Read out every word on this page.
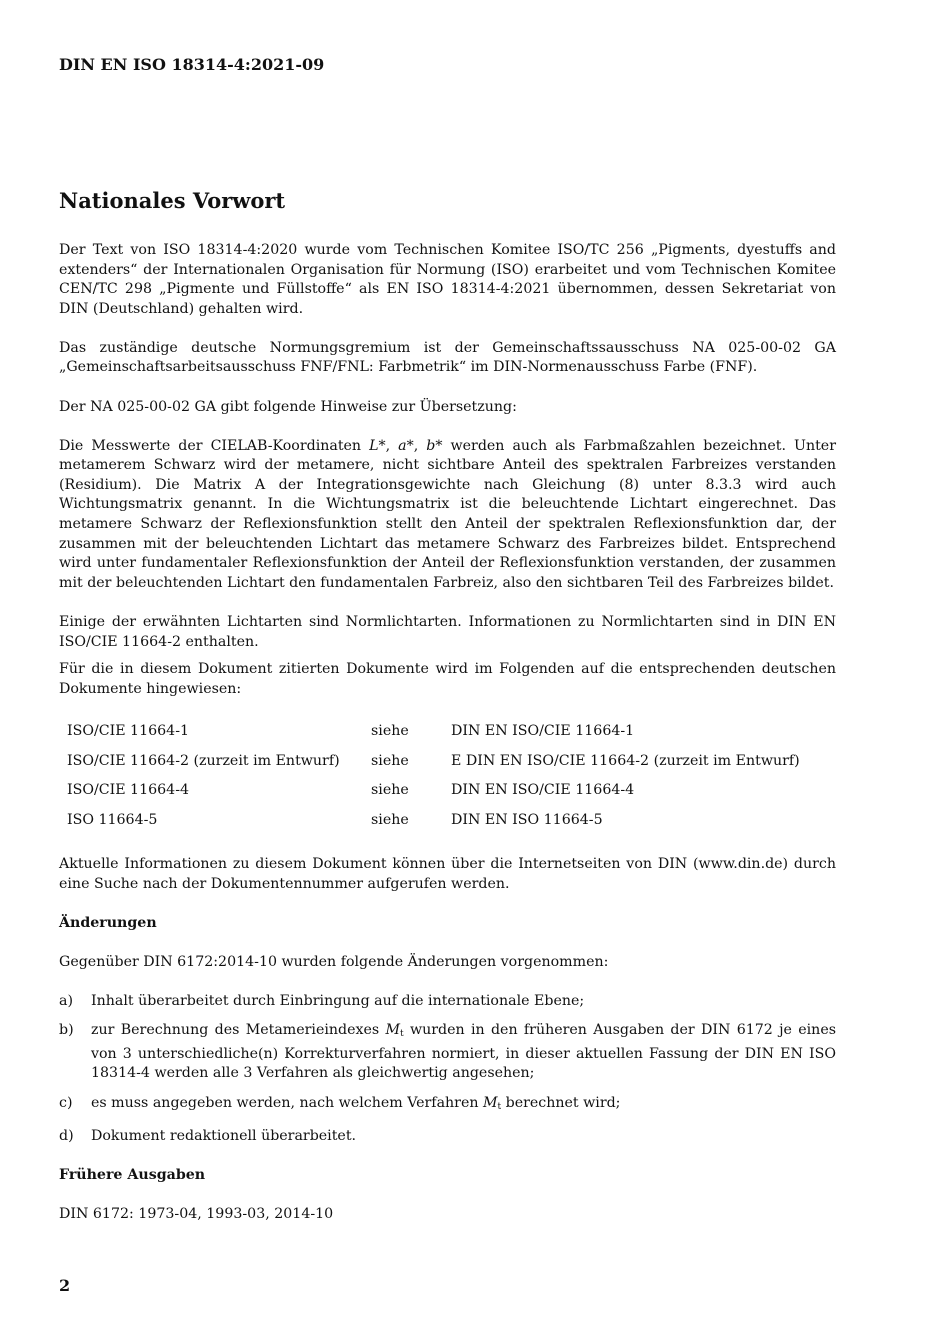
DIN EN ISO 18314-4:2021-09
Nationales Vorwort

Der Text von ISO 18314-4:2020 wurde vom Technischen Komitee ISO/TC 256 „Pigments, dyestuffs and extenders“ der Internationalen Organisation für Normung (ISO) erarbeitet und vom Technischen Komitee CEN/TC 298 „Pigmente und Füllstoffe“ als EN ISO 18314-4:2021 übernommen, dessen Sekretariat von DIN (Deutschland) gehalten wird.

Das zuständige deutsche Normungsgremium ist der Gemeinschaftssausschuss NA 025-00-02 GA „Gemeinschaftsarbeitsausschuss FNF/FNL: Farbmetrik“ im DIN-Normenausschuss Farbe (FNF).

Der NA 025-00-02 GA gibt folgende Hinweise zur Übersetzung:

Die Messwerte der CIELAB-Koordinaten L*, a*, b* werden auch als Farbmaßzahlen bezeichnet. Unter metamerem Schwarz wird der metamere, nicht sichtbare Anteil des spektralen Farbreizes verstanden (Residium). Die Matrix A der Integrationsgewichte nach Gleichung (8) unter 8.3.3 wird auch Wichtungsmatrix genannt. In die Wichtungsmatrix ist die beleuchtende Lichtart eingerechnet. Das metamere Schwarz der Reflexionsfunktion stellt den Anteil der spektralen Reflexionsfunktion dar, der zusammen mit der beleuchtenden Lichtart das metamere Schwarz des Farbreizes bildet. Entsprechend wird unter fundamentaler Reflexionsfunktion der Anteil der Reflexionsfunktion verstanden, der zusammen mit der beleuchtenden Lichtart den fundamentalen Farbreiz, also den sichtbaren Teil des Farbreizes bildet.

Einige der erwähnten Lichtarten sind Normlichtarten. Informationen zu Normlichtarten sind in DIN EN ISO/CIE 11664-2 enthalten.

Für die in diesem Dokument zitierten Dokumente wird im Folgenden auf die entsprechenden deutschen Dokumente hingewiesen:

ISO/CIE 11664-1	siehe	DIN EN ISO/CIE 11664-1
ISO/CIE 11664-2 (zurzeit im Entwurf)	siehe	E DIN EN ISO/CIE 11664-2 (zurzeit im Entwurf)
ISO/CIE 11664-4	siehe	DIN EN ISO/CIE 11664-4
ISO 11664-5	siehe	DIN EN ISO 11664-5

Aktuelle Informationen zu diesem Dokument können über die Internetseiten von DIN (www.din.de) durch eine Suche nach der Dokumentennummer aufgerufen werden.

Änderungen

Gegenüber DIN 6172:2014-10 wurden folgende Änderungen vorgenommen:

a) Inhalt überarbeitet durch Einbringung auf die internationale Ebene;
b) zur Berechnung des Metamerieindexes $M_t$ wurden in den früheren Ausgaben der DIN 6172 je eines von 3 unterschiedliche(n) Korrekturverfahren normiert, in dieser aktuellen Fassung der DIN EN ISO 18314-4 werden alle 3 Verfahren als gleichwertig angesehen;
c) es muss angegeben werden, nach welchem Verfahren $M_t$ berechnet wird;
d) Dokument redaktionell überarbeitet.
Frühere Ausgaben

DIN 6172: 1973-04, 1993-03, 2014-10

2
